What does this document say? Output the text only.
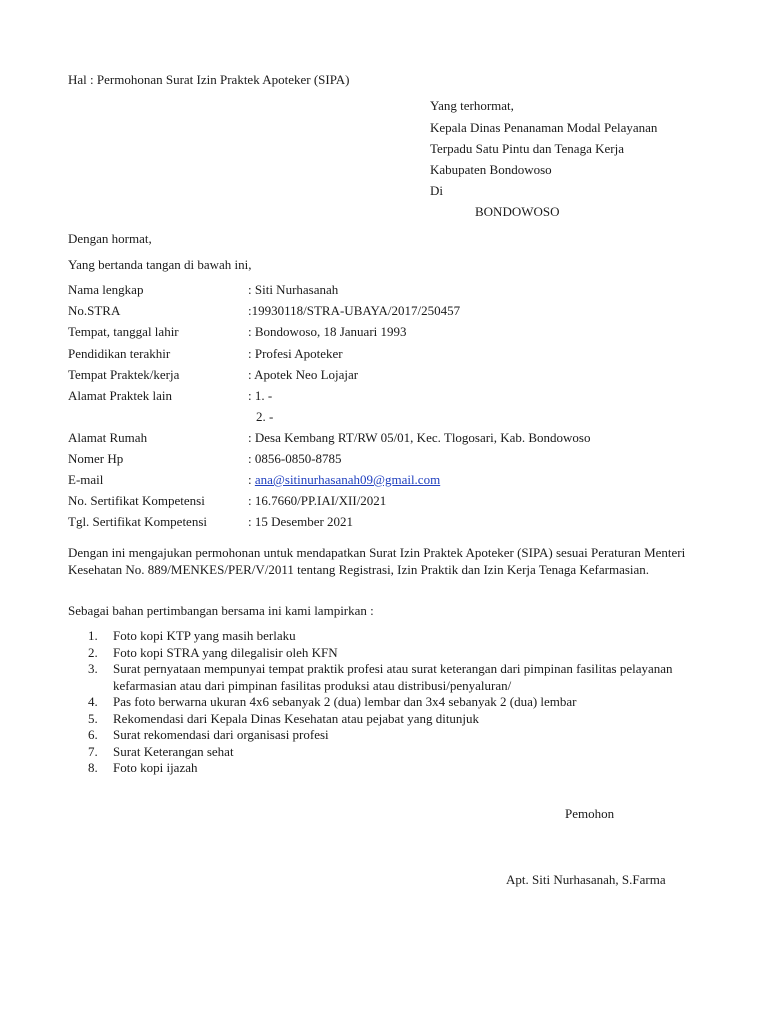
Hal : Permohonan Surat Izin Praktek Apoteker (SIPA)
Yang terhormat,
Kepala Dinas Penanaman Modal Pelayanan
Terpadu Satu Pintu dan Tenaga Kerja
Kabupaten Bondowoso
Di
BONDOWOSO
Dengan hormat,
Yang bertanda tangan di bawah ini,
Nama lengkap	: Siti Nurhasanah
No.STRA	:19930118/STRA-UBAYA/2017/250457
Tempat, tanggal lahir	: Bondowoso, 18 Januari 1993
Pendidikan terakhir	: Profesi Apoteker
Tempat Praktek/kerja	: Apotek Neo Lojajar
Alamat Praktek lain	: 1. -
2. -
Alamat Rumah	: Desa Kembang RT/RW 05/01, Kec. Tlogosari, Kab. Bondowoso
Nomer Hp	: 0856-0850-8785
E-mail	: ana@sitinurhasanah09@gmail.com
No. Sertifikat Kompetensi	: 16.7660/PP.IAI/XII/2021
Tgl. Sertifikat Kompetensi	: 15 Desember 2021
Dengan ini mengajukan permohonan untuk mendapatkan Surat Izin Praktek Apoteker (SIPA) sesuai Peraturan Menteri Kesehatan No. 889/MENKES/PER/V/2011 tentang Registrasi, Izin Praktik dan Izin Kerja Tenaga Kefarmasian.
Sebagai bahan pertimbangan bersama ini kami lampirkan :
1. Foto kopi KTP yang masih berlaku
2. Foto kopi STRA yang dilegalisir oleh KFN
3. Surat pernyataan mempunyai tempat praktik profesi atau surat keterangan dari pimpinan fasilitas pelayanan kefarmasian atau dari pimpinan fasilitas produksi atau distribusi/penyaluran/
4. Pas foto berwarna ukuran 4x6 sebanyak 2 (dua) lembar dan 3x4 sebanyak 2 (dua) lembar
5. Rekomendasi dari Kepala Dinas Kesehatan atau pejabat yang ditunjuk
6. Surat rekomendasi dari organisasi profesi
7. Surat Keterangan sehat
8. Foto kopi ijazah
Pemohon
Apt. Siti Nurhasanah, S.Farma
